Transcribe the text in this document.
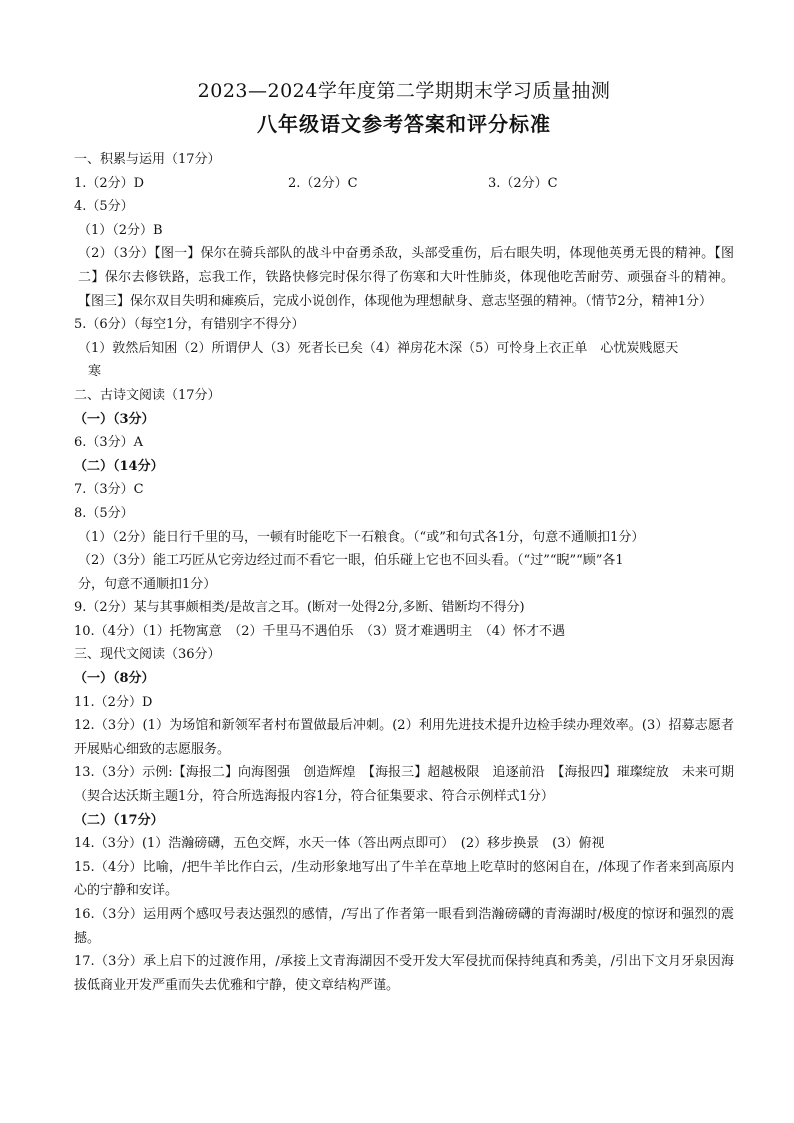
2023—2024学年度第二学期期末学习质量抽测
八年级语文参考答案和评分标准
一、积累与运用（17分）
1.（2分）D	2.（2分）C	3.（2分）C
4.（5分）
（1）（2分）B
（2）（3分）【图一】保尔在骑兵部队的战斗中奋勇杀敌，头部受重伤，后右眼失明，体现他英勇无畏的精神。【图二】保尔去修铁路，忘我工作，铁路快修完时保尔得了伤寒和大叶性肺炎，体现他吃苦耐劳、顽强奋斗的精神。【图三】保尔双目失明和瘫痪后，完成小说创作，体现他为理想献身、意志坚强的精神。（情节2分，精神1分）
5.（6分）（每空1分，有错别字不得分）
（1）敦然后知困（2）所谓伊人（3）死者长已矣（4）禅房花木深（5）可怜身上衣正单　心忧炭贱愿天
寒
二、古诗文阅读（17分）
（一）（3分）
6.（3分）A
（二）（14分）
7.（3分）C
8.（5分）
（1）（2分）能日行千里的马，一顿有时能吃下一石粮食。（“或”和句式各1分，句意不通顺扣1分）
（2）（3分）能工巧匠从它旁边经过而不看它一眼，伯乐碰上它也不回头看。（“过”“睨”“顾”各1
分，句意不通顺扣1分）
9.（2分）某与其事颇相类/是故言之耳。(断对一处得2分,多断、错断均不得分)
10.（4分）（1）托物寓意　（2）千里马不遇伯乐　（3）贤才难遇明主　（4）怀才不遇
三、现代文阅读（36分）
（一）（8分）
11.（2分）D
12.（3分）(1）为场馆和新领军者村布置做最后冲刺。(2）利用先进技术提升边检手续办理效率。(3）招募志愿者开展贴心细致的志愿服务。
13.（3分）示例:【海报二】向海图强　创造辉煌　【海报三】超越极限　追逐前沿　【海报四】璀璨绽放　未来可期（契合达沃斯主题1分，符合所选海报内容1分，符合征集要求、符合示例样式1分）
（二）（17分）
14.（3分）(1）浩瀚磅礴，五色交辉，水天一体（答出两点即可）　(2）移步换景　(3）俯视
15.（4分）比喻，/把牛羊比作白云，/生动形象地写出了牛羊在草地上吃草时的悠闲自在，/体现了作者来到高原内心的宁静和安详。
16.（3分）运用两个感叹号表达强烈的感情，/写出了作者第一眼看到浩瀚磅礴的青海湖时/极度的惊讶和强烈的震撼。
17.（3分）承上启下的过渡作用，/承接上文青海湖因不受开发大军侵扰而保持纯真和秀美，/引出下文月牙泉因海拔低商业开发严重而失去优雅和宁静，使文章结构严谨。
